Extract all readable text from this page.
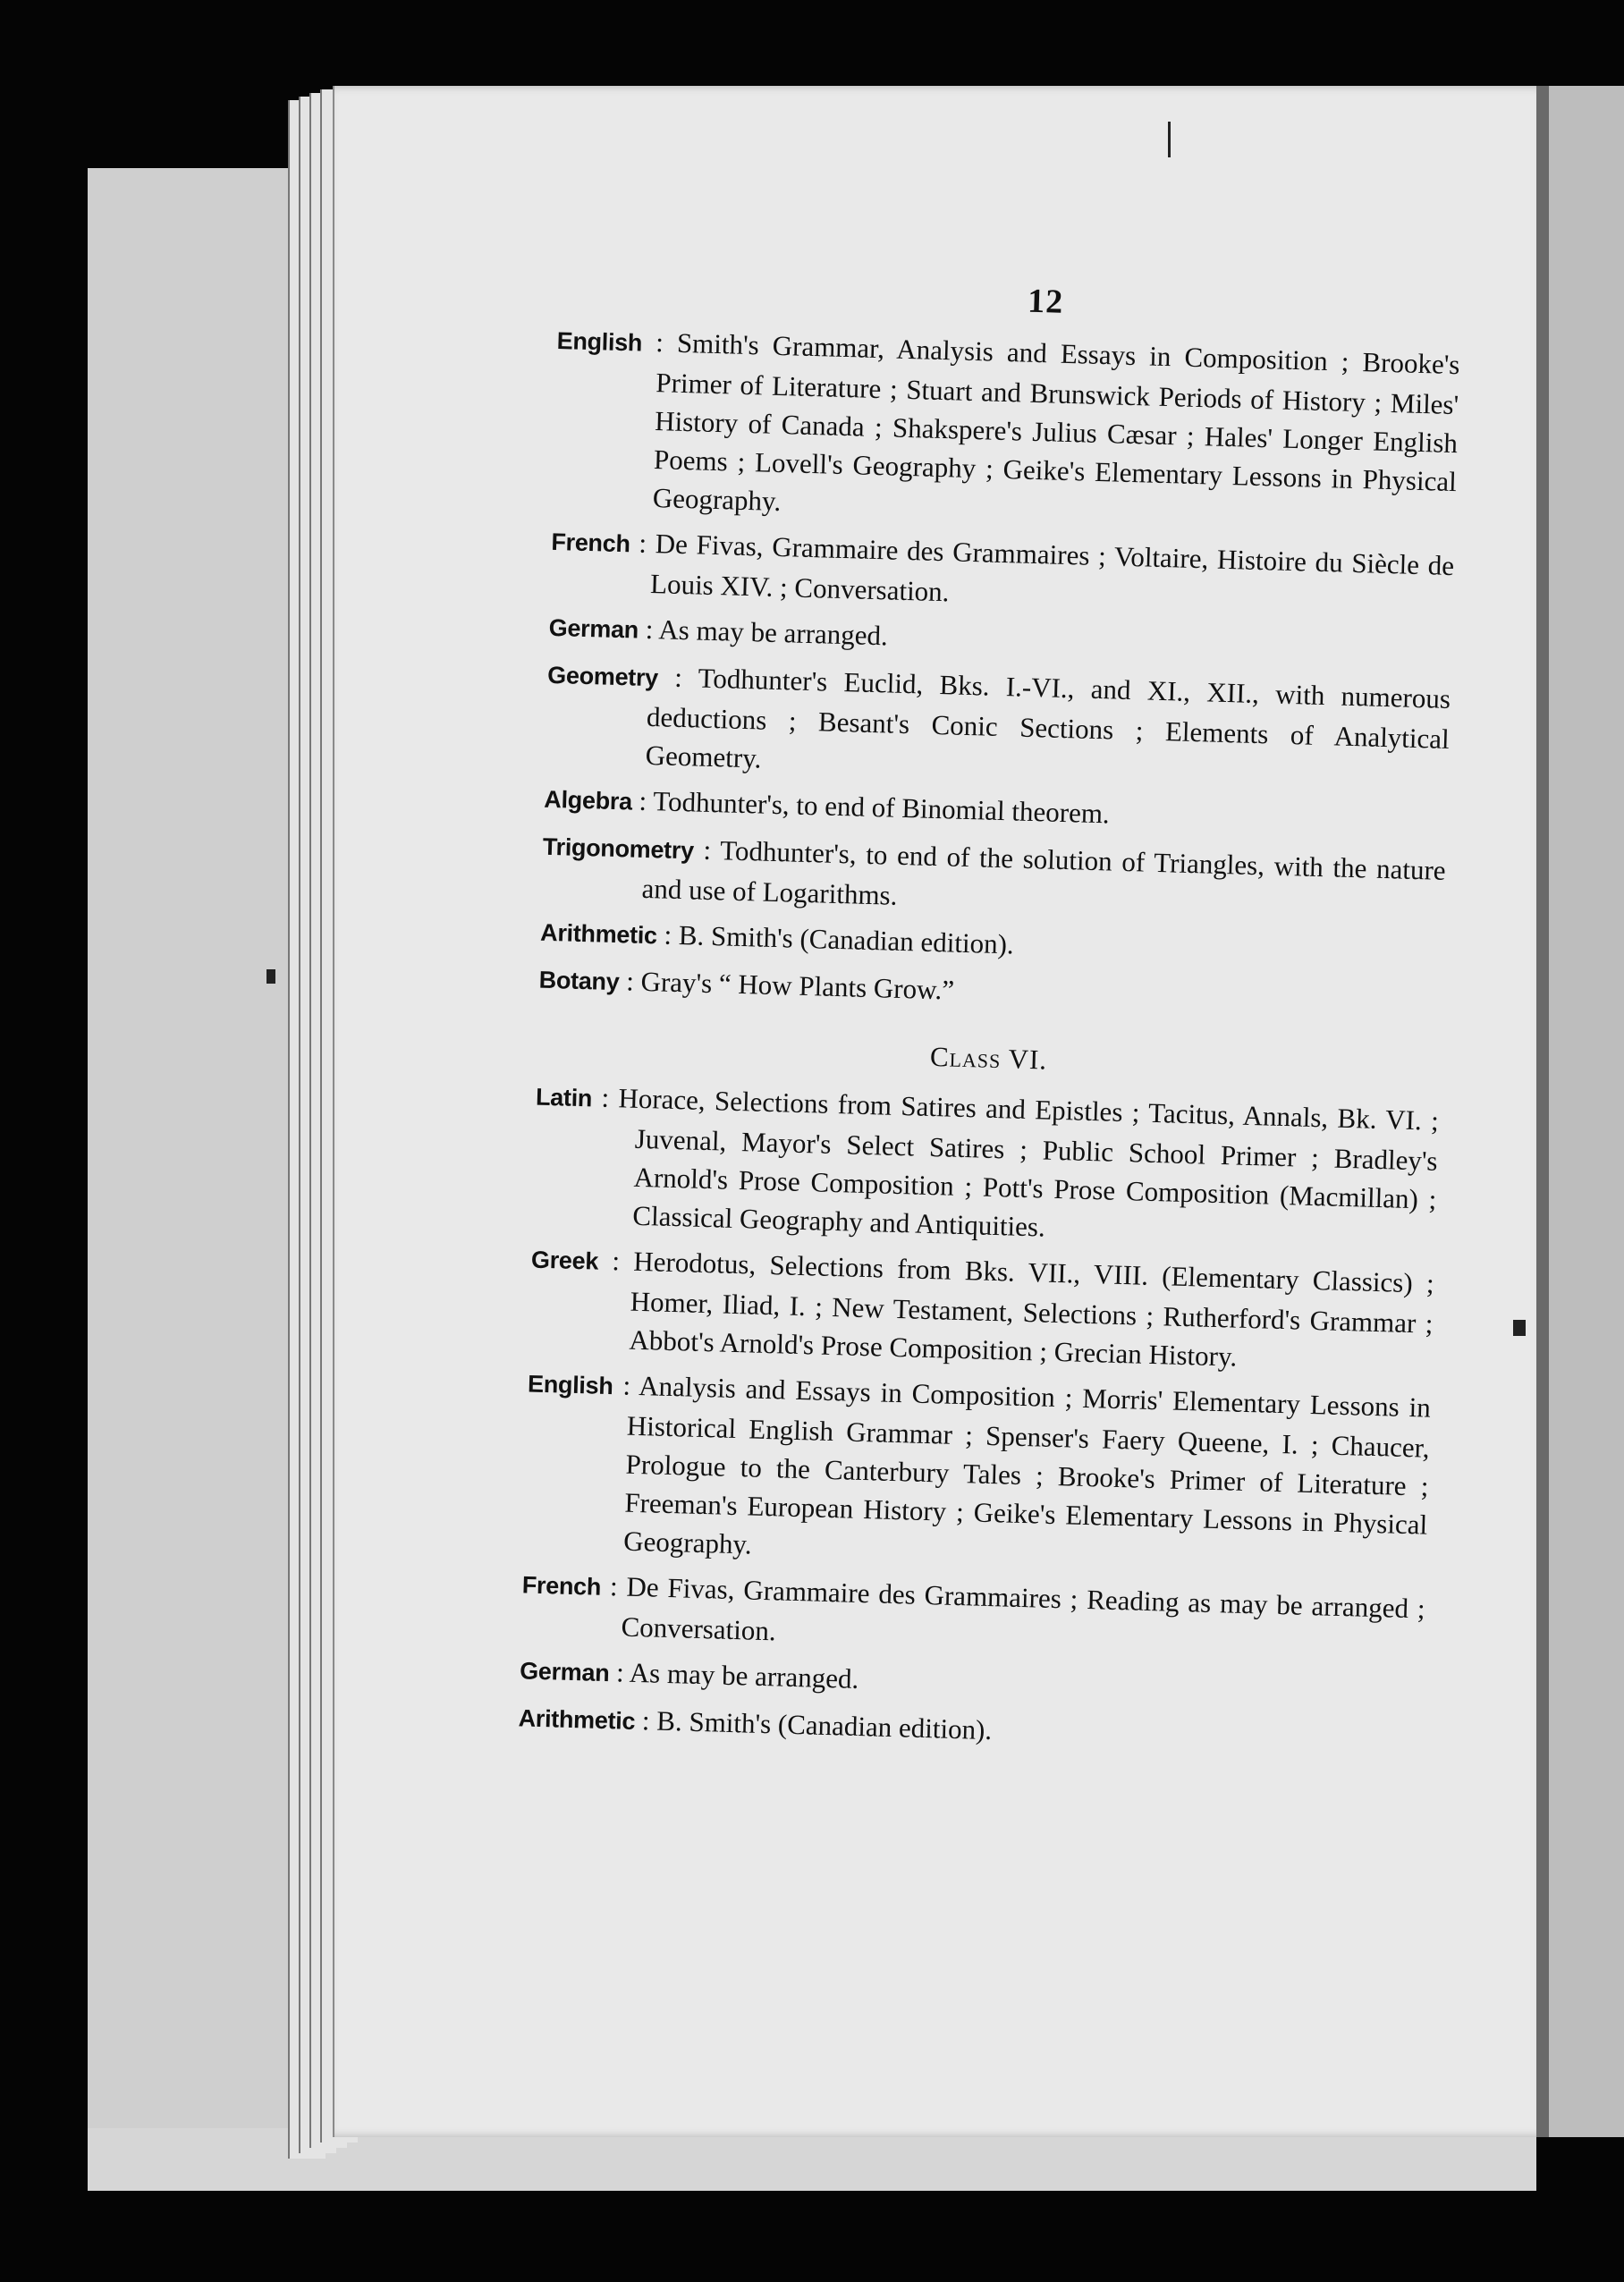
12

English : Smith's Grammar, Analysis and Essays in Composition ; Brooke's Primer of Literature ; Stuart and Brunswick Periods of History ; Miles' History of Canada ; Shakspere's Julius Cæsar ; Hales' Longer English Poems ; Lovell's Geography ; Geike's Elementary Lessons in Physical Geography.

French : De Fivas, Grammaire des Grammaires ; Voltaire, Histoire du Siècle de Louis XIV. ; Conversation.

German : As may be arranged.

Geometry : Todhunter's Euclid, Bks. I.-VI., and XI., XII., with numerous deductions ; Besant's Conic Sections ; Elements of Analytical Geometry.

Algebra : Todhunter's, to end of Binomial theorem.

Trigonometry : Todhunter's, to end of the solution of Triangles, with the nature and use of Logarithms.

Arithmetic : B. Smith's (Canadian edition).

Botany : Gray's “ How Plants Grow.”

Class VI.

Latin : Horace, Selections from Satires and Epistles ; Tacitus, Annals, Bk. VI. ; Juvenal, Mayor's Select Satires ; Public School Primer ; Bradley's Arnold's Prose Composition ; Pott's Prose Composition (Macmillan) ; Classical Geography and Antiquities.

Greek : Herodotus, Selections from Bks. VII., VIII. (Elementary Classics) ; Homer, Iliad, I. ; New Testament, Selections ; Rutherford's Grammar ; Abbot's Arnold's Prose Composition ; Grecian History.

English : Analysis and Essays in Composition ; Morris' Elementary Lessons in Historical English Grammar ; Spenser's Faery Queene, I. ; Chaucer, Prologue to the Canterbury Tales ; Brooke's Primer of Literature ; Freeman's European History ; Geike's Elementary Lessons in Physical Geography.

French : De Fivas, Grammaire des Grammaires ; Reading as may be arranged ; Conversation.

German : As may be arranged.

Arithmetic : B. Smith's (Canadian edition).
